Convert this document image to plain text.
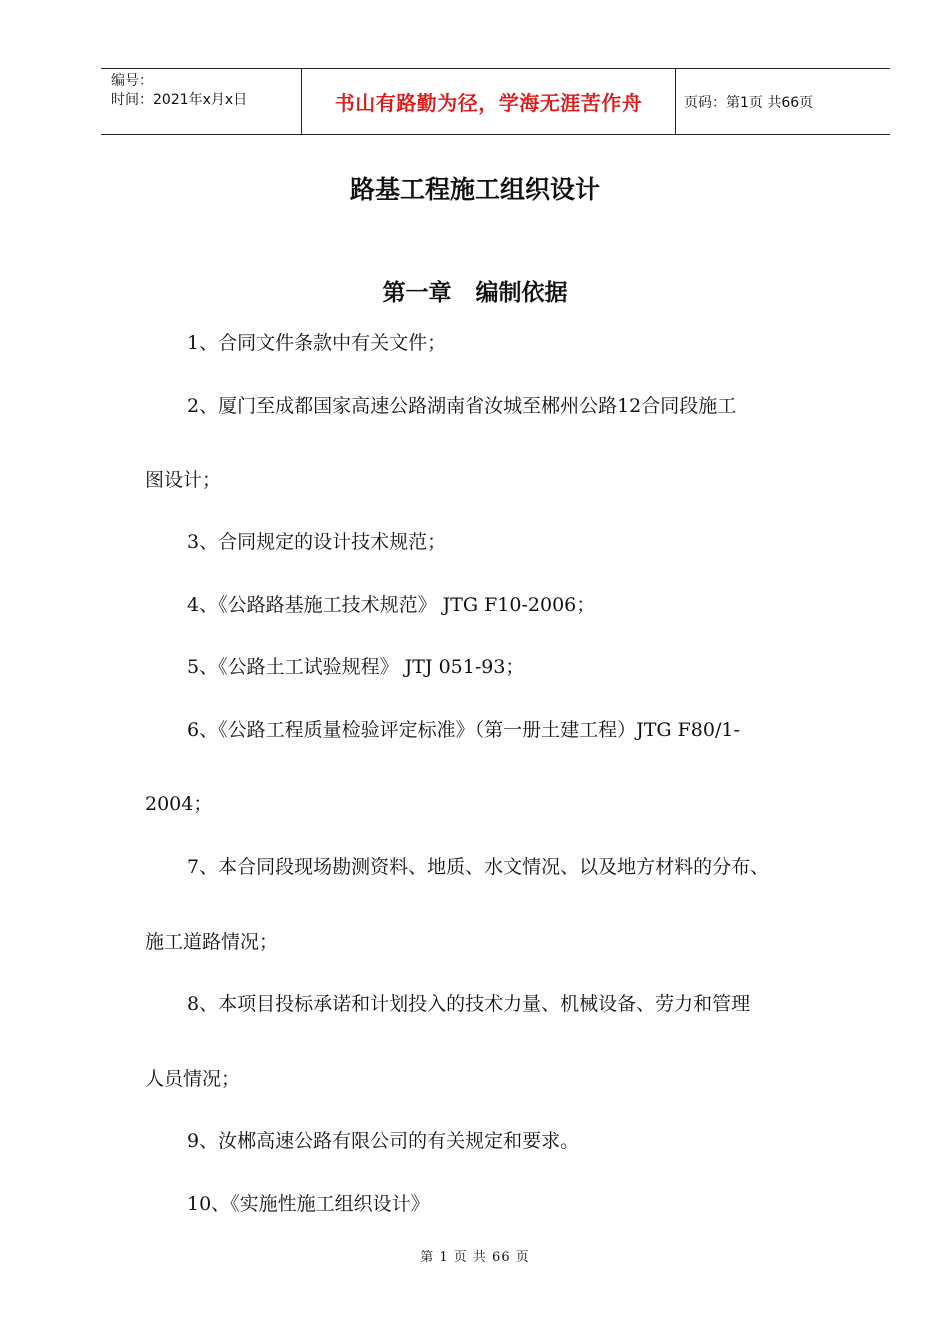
编号：
时间：2021年x月x日	书山有路勤为径，学海无涯苦作舟	页码：第1页 共66页
路基工程施工组织设计
第一章   编制依据
1、合同文件条款中有关文件；
2、厦门至成都国家高速公路湖南省汝城至郴州公路12合同段施工
图设计；
3、合同规定的设计技术规范；
4、《公路路基施工技术规范》 JTG F10-2006；
5、《公路土工试验规程》 JTJ 051-93；
6、《公路工程质量检验评定标准》（第一册土建工程）JTG F80/1-
2004；
7、本合同段现场勘测资料、地质、水文情况、以及地方材料的分布、
施工道路情况；
8、本项目投标承诺和计划投入的技术力量、机械设备、劳力和管理
人员情况；
9、汝郴高速公路有限公司的有关规定和要求。
10、《实施性施工组织设计》
第 1 页 共 66 页
